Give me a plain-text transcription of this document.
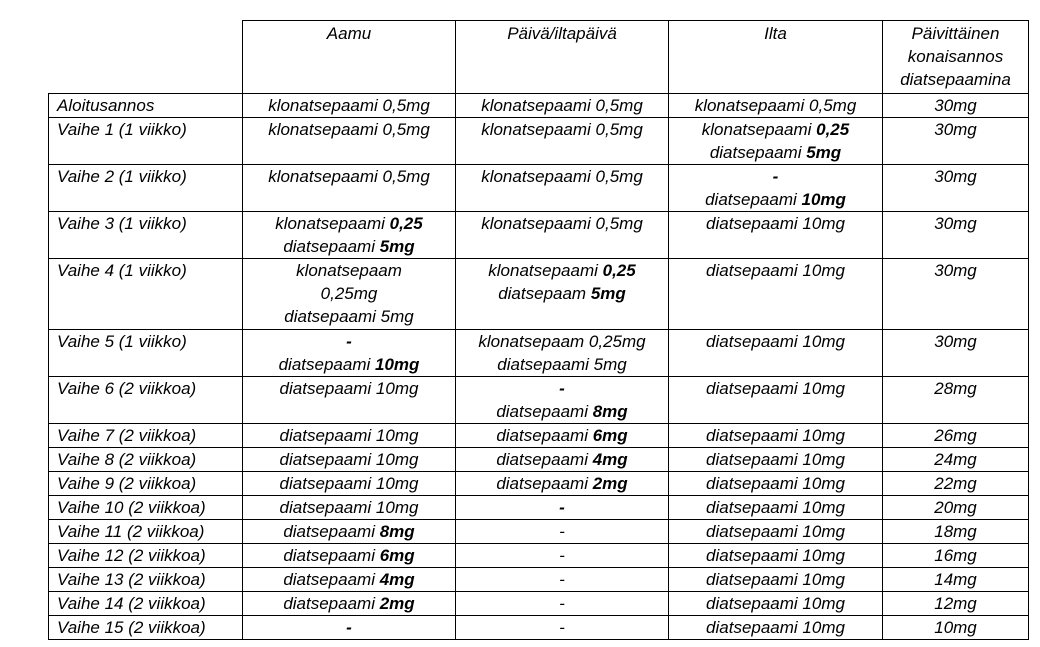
	Aamu	Päivä/iltapäivä	Ilta	Päivittäinen
konaisannos
diatsepaamina
Aloitusannos	klonatsepaami 0,5mg	klonatsepaami 0,5mg	klonatsepaami 0,5mg	30mg

Vaihe 1 (1 viikko)	klonatsepaami 0,5mg	klonatsepaami 0,5mg	klonatsepaami 0,25
diatsepaami 5mg	30mg

Vaihe 2 (1 viikko)	klonatsepaami 0,5mg	klonatsepaami 0,5mg	-
diatsepaami 10mg	30mg

Vaihe 3 (1 viikko)	klonatsepaami 0,25
diatsepaami 5mg	klonatsepaami 0,5mg	diatsepaami 10mg	30mg

Vaihe 4 (1 viikko)	klonatsepaam
0,25mg
diatsepaami 5mg	klonatsepaami 0,25
diatsepaam 5mg	diatsepaami 10mg	30mg

Vaihe 5 (1 viikko)	-
diatsepaami 10mg	klonatsepaam 0,25mg
diatsepaami 5mg	diatsepaami 10mg	30mg

Vaihe 6 (2 viikkoa)	diatsepaami 10mg	-
diatsepaami 8mg	diatsepaami 10mg	28mg

Vaihe 7 (2 viikkoa)	diatsepaami 10mg	diatsepaami 6mg	diatsepaami 10mg	26mg

Vaihe 8 (2 viikkoa)	diatsepaami 10mg	diatsepaami 4mg	diatsepaami 10mg	24mg

Vaihe 9 (2 viikkoa)	diatsepaami 10mg	diatsepaami 2mg	diatsepaami 10mg	22mg

Vaihe 10 (2 viikkoa)	diatsepaami 10mg	-	diatsepaami 10mg	20mg

Vaihe 11 (2 viikkoa)	diatsepaami 8mg	-	diatsepaami 10mg	18mg

Vaihe 12 (2 viikkoa)	diatsepaami 6mg	-	diatsepaami 10mg	16mg

Vaihe 13 (2 viikkoa)	diatsepaami 4mg	-	diatsepaami 10mg	14mg

Vaihe 14 (2 viikkoa)	diatsepaami 2mg	-	diatsepaami 10mg	12mg

Vaihe 15 (2 viikkoa)	-	-	diatsepaami 10mg	10mg
